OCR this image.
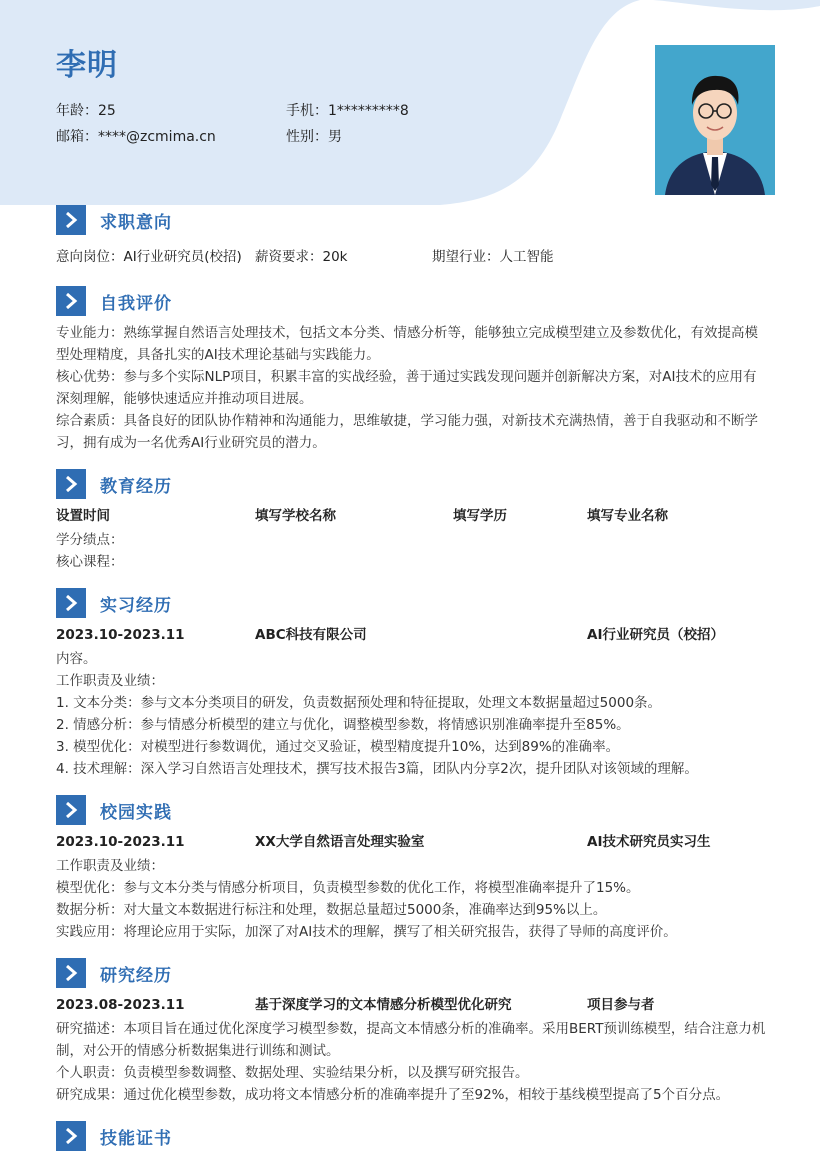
李明
年龄：25	手机：1*********8
邮箱：****@zcmima.cn	性别：男
求职意向
意向岗位：AI行业研究员(校招) 薪资要求：20k	期望行业：人工智能
自我评价
专业能力：熟练掌握自然语言处理技术，包括文本分类、情感分析等，能够独立完成模型建立及参数优化，有效提高模型处理精度，具备扎实的AI技术理论基础与实践能力。
核心优势：参与多个实际NLP项目，积累丰富的实战经验，善于通过实践发现问题并创新解决方案，对AI技术的应用有深刻理解，能够快速适应并推动项目进展。
综合素质：具备良好的团队协作精神和沟通能力，思维敏捷，学习能力强，对新技术充满热情，善于自我驱动和不断学习，拥有成为一名优秀AI行业研究员的潜力。
教育经历
设置时间	填写学校名称	填写学历	填写专业名称
学分绩点：
核心课程：
实习经历
2023.10-2023.11	ABC科技有限公司	AI行业研究员（校招）
内容。
工作职责及业绩：
1. 文本分类：参与文本分类项目的研发，负责数据预处理和特征提取，处理文本数据量超过5000条。
2. 情感分析：参与情感分析模型的建立与优化，调整模型参数，将情感识别准确率提升至85%。
3. 模型优化：对模型进行参数调优，通过交叉验证，模型精度提升10%，达到89%的准确率。
4. 技术理解：深入学习自然语言处理技术，撰写技术报告3篇，团队内分享2次，提升团队对该领域的理解。
校园实践
2023.10-2023.11	XX大学自然语言处理实验室	AI技术研究员实习生
工作职责及业绩：
模型优化：参与文本分类与情感分析项目，负责模型参数的优化工作，将模型准确率提升了15%。
数据分析：对大量文本数据进行标注和处理，数据总量超过5000条，准确率达到95%以上。
实践应用：将理论应用于实际，加深了对AI技术的理解，撰写了相关研究报告，获得了导师的高度评价。
研究经历
2023.08-2023.11	基于深度学习的文本情感分析模型优化研究	项目参与者
研究描述：本项目旨在通过优化深度学习模型参数，提高文本情感分析的准确率。采用BERT预训练模型，结合注意力机制，对公开的情感分析数据集进行训练和测试。
个人职责：负责模型参数调整、数据处理、实验结果分析，以及撰写研究报告。
研究成果：通过优化模型参数，成功将文本情感分析的准确率提升了至92%，相较于基线模型提高了5个百分点。
技能证书
